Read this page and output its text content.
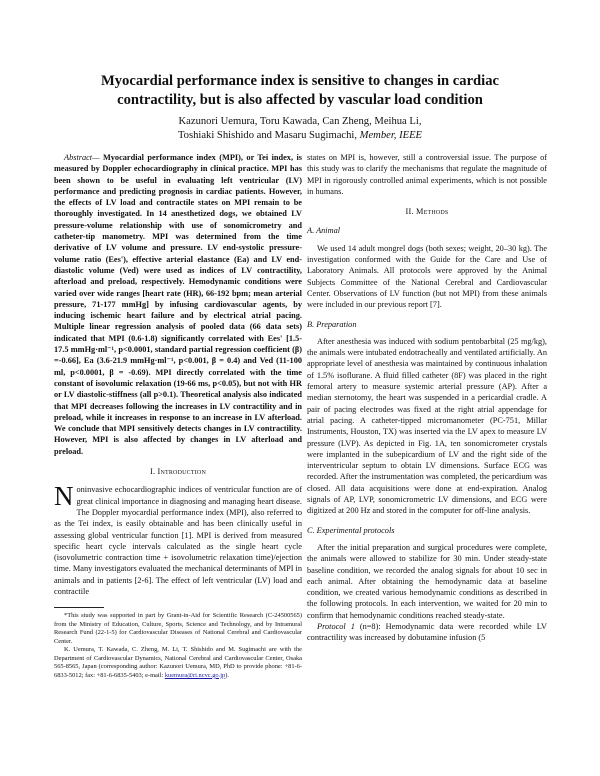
Myocardial performance index is sensitive to changes in cardiac contractility, but is also affected by vascular load condition
Kazunori Uemura, Toru Kawada, Can Zheng, Meihua Li,
Toshiaki Shishido and Masaru Sugimachi, Member, IEEE

Abstract— Myocardial performance index (MPI), or Tei index, is measured by Doppler echocardiography in clinical practice. MPI has been shown to be useful in evaluating left ventricular (LV) performance and predicting prognosis in cardiac patients. However, the effects of LV load and contractile states on MPI remain to be thoroughly investigated. In 14 anesthetized dogs, we obtained LV pressure-volume relationship with use of sonomicrometry and catheter-tip manometry. MPI was determined from the time derivative of LV volume and pressure. LV end-systolic pressure-volume ratio (Ees'), effective arterial elastance (Ea) and LV end-diastolic volume (Ved) were used as indices of LV contractility, afterload and preload, respectively. Hemodynamic conditions were varied over wide ranges [heart rate (HR), 66-192 bpm; mean arterial pressure, 71-177 mmHg] by infusing cardiovascular agents, by inducing ischemic heart failure and by electrical atrial pacing. Multiple linear regression analysis of pooled data (66 data sets) indicated that MPI (0.6-1.8) significantly correlated with Ees' [1.5-17.5 mmHg·ml⁻¹, p<0.0001, standard partial regression coefficient (β) =-0.66], Ea (3.6-21.9 mmHg·ml⁻¹, p<0.001, β = 0.4) and Ved (11-100 ml, p<0.0001, β = -0.69). MPI directly correlated with the time constant of isovolumic relaxation (19-66 ms, p<0.05), but not with HR or LV diastolic-stiffness (all p>0.1). Theoretical analysis also indicated that MPI decreases following the increases in LV contractility and in preload, while it increases in response to an increase in LV afterload. We conclude that MPI sensitively detects changes in LV contractility. However, MPI is also affected by changes in LV afterload and preload.

I. Introduction

Noninvasive echocardiographic indices of ventricular function are of great clinical importance in diagnosing and managing heart disease. The Doppler myocardial performance index (MPI), also referred to as the Tei index, is easily obtainable and has been clinically useful in assessing global ventricular function [1]. MPI is derived from measured specific heart cycle intervals calculated as the single heart cycle (isovolumetric contraction time + isovolumetric relaxation time)/ejection time. Many investigators evaluated the mechanical determinants of MPI in animals and in patients [2-6]. The effect of left ventricular (LV) load and contractile

*This study was supported in part by Grant-in-Aid for Scientific Research (C-24500565) from the Ministry of Education, Culture, Sports, Science and Technology, and by Intramural Research Fund (22-1-5) for Cardiovascular Diseases of National Cerebral and Cardiovascular Center.

K. Uemura, T. Kawada, C. Zheng, M. Li, T. Shishido and M. Sugimachi are with the Department of Cardiovascular Dynamics, National Cerebral and Cardiovascular Center, Osaka 565-8565, Japan (corresponding author: Kazunori Uemura, MD, PhD to provide phone: +81-6-6833-5012; fax: +81-6-6835-5403; e-mail: kuemura@ri.ncvc.go.jp).

states on MPI is, however, still a controversial issue. The purpose of this study was to clarify the mechanisms that regulate the magnitude of MPI in rigorously controlled animal experiments, which is not possible in humans.

II. Methods
A. Animal

We used 14 adult mongrel dogs (both sexes; weight, 20–30 kg). The investigation conformed with the Guide for the Care and Use of Laboratory Animals. All protocols were approved by the Animal Subjects Committee of the National Cerebral and Cardiovascular Center. Observations of LV function (but not MPI) from these animals were included in our previous report [7].

B. Preparation

After anesthesia was induced with sodium pentobarbital (25 mg/kg), the animals were intubated endotracheally and ventilated artificially. An appropriate level of anesthesia was maintained by continuous inhalation of 1.5% isoflurane. A fluid filled catheter (8F) was placed in the right femoral artery to measure systemic arterial pressure (AP). After a median sternotomy, the heart was suspended in a pericardial cradle. A pair of pacing electrodes was fixed at the right atrial appendage for atrial pacing. A catheter-tipped micromanometer (PC-751, Millar Instruments, Houston, TX) was inserted via the LV apex to measure LV pressure (LVP). As depicted in Fig. 1A, ten sonomicrometer crystals were implanted in the subepicardium of LV and the right side of the interventricular septum to obtain LV dimensions. Surface ECG was recorded. After the instrumentation was completed, the pericardium was closed. All data acquisitions were done at end-expiration. Analog signals of AP, LVP, sonomicrometric LV dimensions, and ECG were digitized at 200 Hz and stored in the computer for off-line analysis.

C. Experimental protocols

After the initial preparation and surgical procedures were complete, the animals were allowed to stabilize for 30 min. Under steady-state baseline condition, we recorded the analog signals for about 10 sec in each animal. After obtaining the hemodynamic data at baseline condition, we created various hemodynamic conditions as described in the following protocols. In each intervention, we waited for 20 min to confirm that hemodynamic conditions reached steady-state.

Protocol 1 (n=8): Hemodynamic data were recorded while LV contractility was increased by dobutamine infusion (5
